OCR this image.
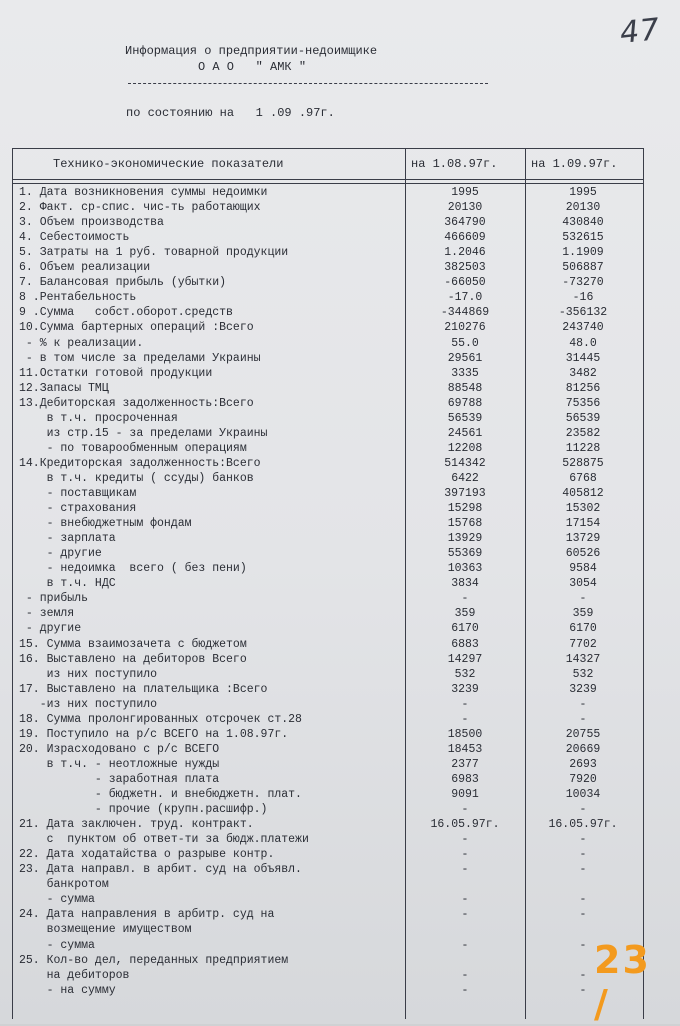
47
Информация о предприятии-недоимщике
О А О   " АМК "
по состоянию на   1 .09 .97г.
Технико-экономические показатели	на 1.08.97г.	на 1.09.97г.
1. Дата возникновения суммы недоимки	1995	1995
2. Факт. ср-спис. чис-ть работающих	20130	20130
3. Объем производства	364790	430840
4. Себестоимость	466609	532615
5. Затраты на 1 руб. товарной продукции	1.2046	1.1909
6. Объем реализации	382503	506887
7. Балансовая прибыль (убытки)	-66050	-73270
8 .Рентабельность	-17.0	-16
9 .Сумма   собст.оборот.средств	-344869	-356132
10.Сумма бартерных операций :Всего	210276	243740
- % к реализации.	55.0	48.0
- в том числе за пределами Украины	29561	31445
11.Остатки готовой продукции	3335	3482
12.Запасы ТМЦ	88548	81256
13.Дебиторская задолженность:Всего	69788	75356
в т.ч. просроченная	56539	56539
из стр.15 - за пределами Украины	24561	23582
- по товарообменным операциям	12208	11228
14.Кредиторская задолженность:Всего	514342	528875
в т.ч. кредиты ( ссуды) банков	6422	6768
- поставщикам	397193	405812
- страхования	15298	15302
- внебюджетным фондам	15768	17154
- зарплата	13929	13729
- другие	55369	60526
- недоимка  всего ( без пени)	10363	9584
в т.ч. НДС	3834	3054
- прибыль	-	-
- земля	359	359
- другие	6170	6170
15. Сумма взаимозачета с бюджетом	6883	7702
16. Выставлено на дебиторов Всего	14297	14327
из них поступило	532	532
17. Выставлено на плательщика :Всего	3239	3239
-из них поступило	-	-
18. Сумма пролонгированных отсрочек ст.28	-	-
19. Поступило на р/с ВСЕГО на 1.08.97г.	18500	20755
20. Израсходовано с р/с ВСЕГО	18453	20669
в т.ч. - неотложные нужды	2377	2693
- заработная плата	6983	7920
- бюджетн. и внебюджетн. плат.	9091	10034
- прочие (крупн.расшифр.)	-	-
21. Дата заключен. труд. контракт.	16.05.97г.	16.05.97г.
с  пунктом об ответ-ти за бюдж.платежи	-	-
22. Дата ходатайства о разрыве контр.	-	-
23. Дата направл. в арбит. суд на объявл.	-	-
банкротом
- сумма	-	-
24. Дата направления в арбитр. суд на	-	-
возмещение имуществом
- сумма	-	-
25. Кол-во дел, переданных предприятием
на дебиторов	-	-
- на сумму	-	-
23 /
